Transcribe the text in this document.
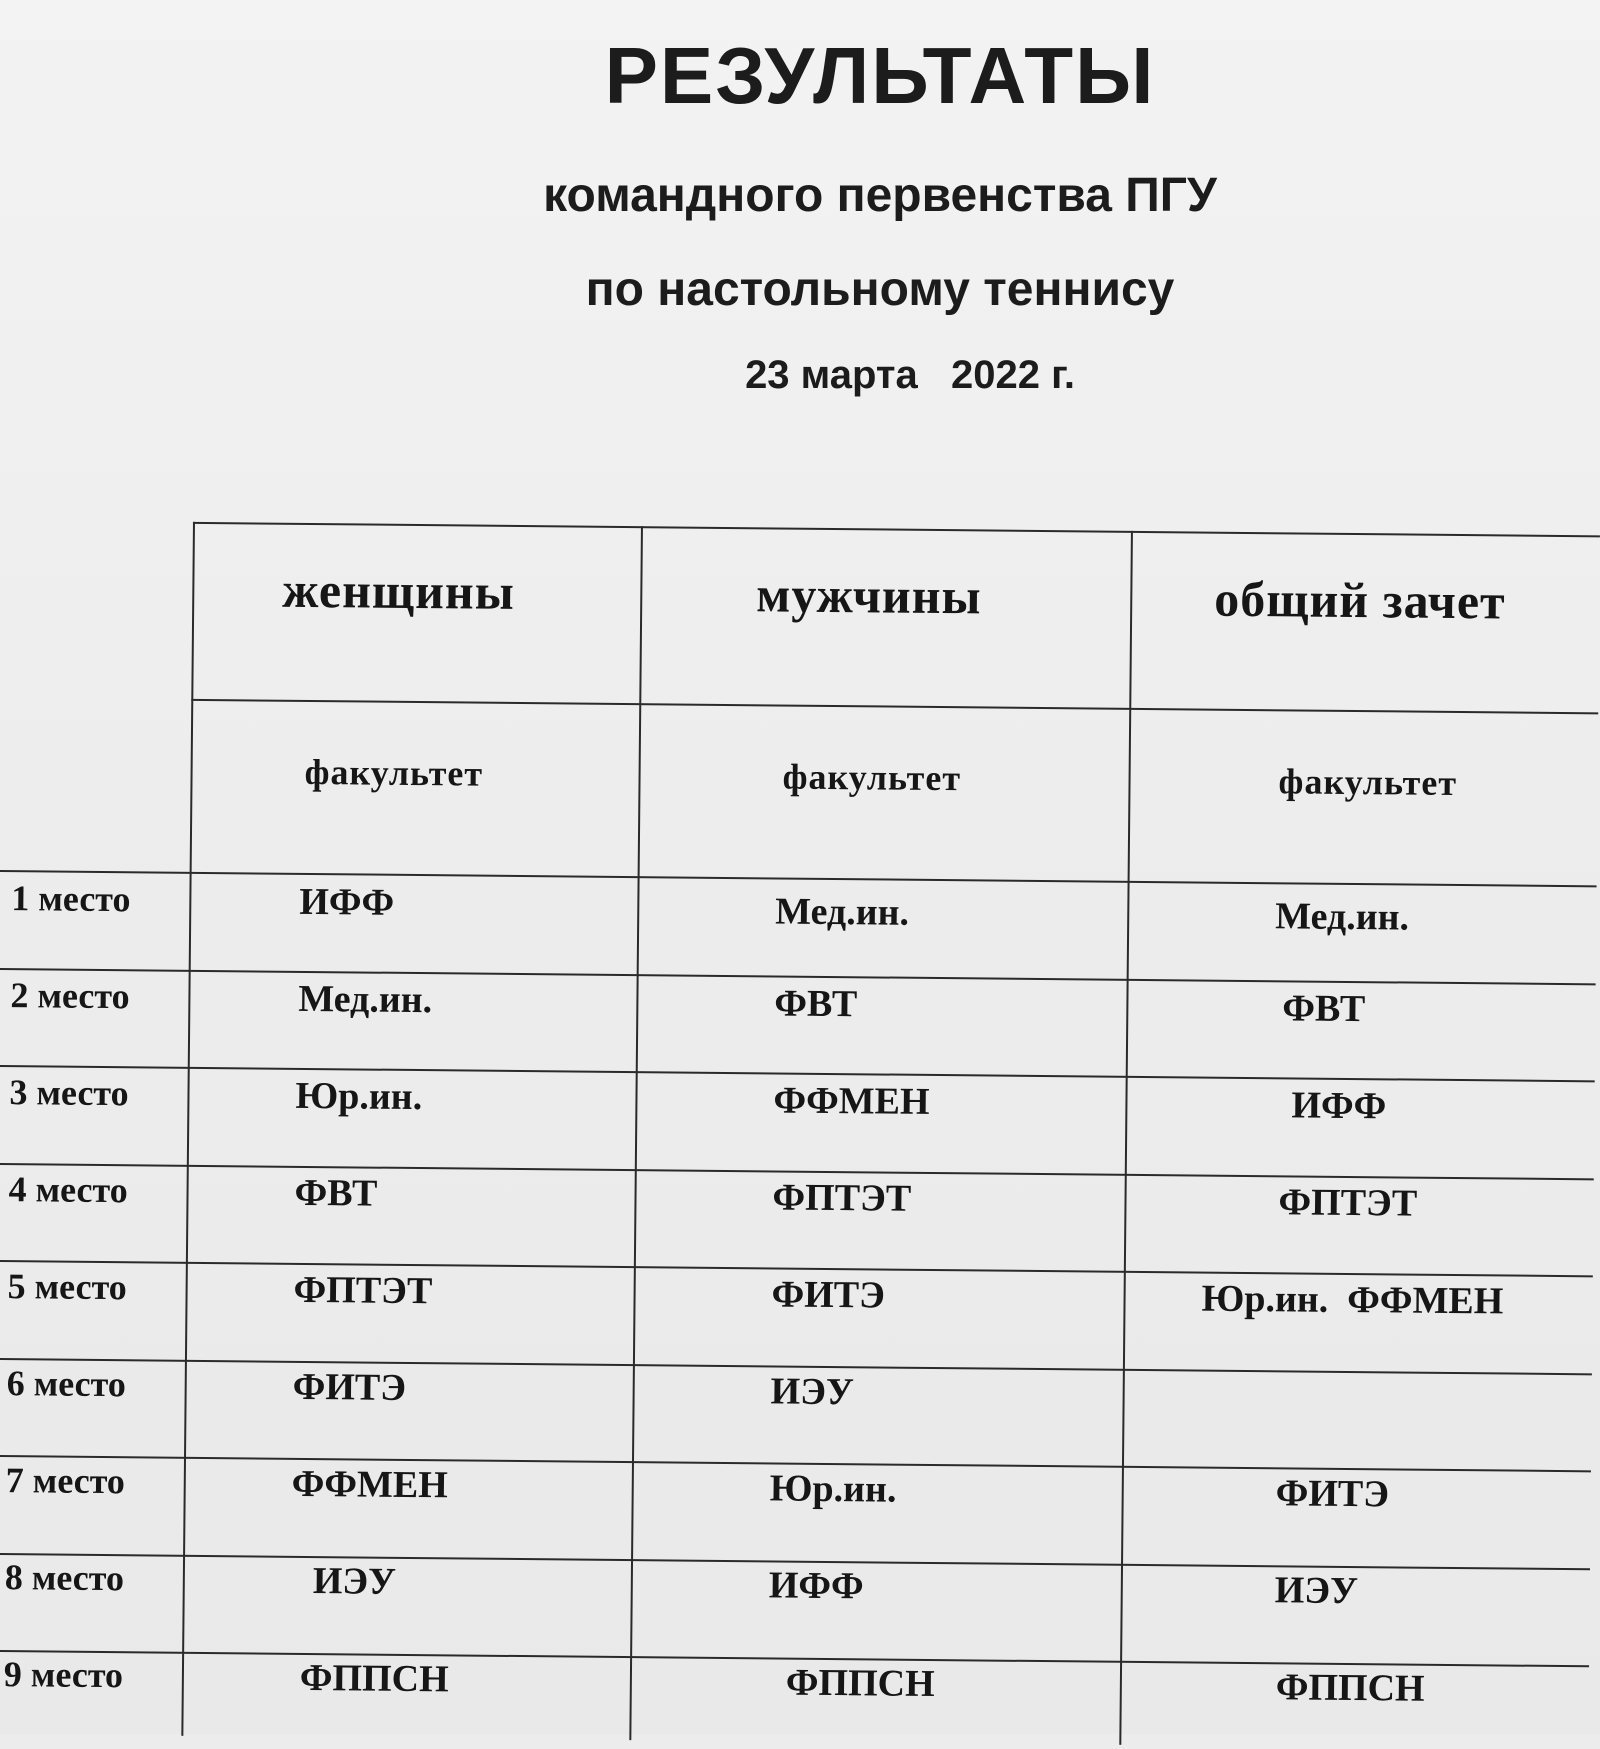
РЕЗУЛЬТАТЫ

командного первенства ПГУ

по настольному теннису

23 марта   2022 г.

женщины	мужчины	общий зачет
факультет	факультет	факультет
1 место	ИФФ	Мед.ин.	Мед.ин.
2 место	Мед.ин.	ФВТ	ФВТ
3 место	Юр.ин.	ФФМЕН	ИФФ
4 место	ФВТ	ФПТЭТ	ФПТЭТ
5 место	ФПТЭТ	ФИТЭ	Юр.ин.  ФФМЕН
6 место	ФИТЭ	ИЭУ
7 место	ФФМЕН	Юр.ин.	ФИТЭ
8 место	ИЭУ	ИФФ	ИЭУ
9 место	ФППСН	ФППСН	ФППСН
